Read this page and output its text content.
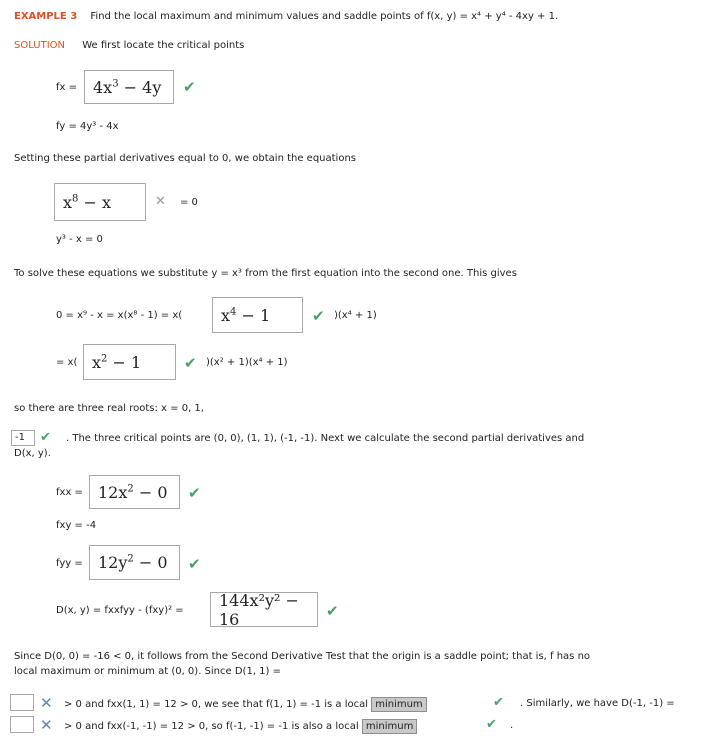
EXAMPLE 3 Find the local maximum and minimum values and saddle points of f(x, y) = x⁴ + y⁴ - 4xy + 1.
SOLUTION We first locate the critical points
fx = $4x^3 - 4y$ ✔
fy = 4y³ - 4x
Setting these partial derivatives equal to 0, we obtain the equations
$x^8 - x$	✕ = 0
y³ - x = 0
To solve these equations we substitute y = x³ from the first equation into the second one. This gives
0 = x⁹ - x = x(x⁸ - 1) = x( $x^4 - 1$	✔ )(x⁴ + 1)
= x( $x^2 - 1$	✔ )(x² + 1)(x⁴ + 1)
so there are three real roots: x = 0, 1,
-1	✔ . The three critical points are (0, 0), (1, 1), (-1, -1). Next we calculate the second partial derivatives and
D(x, y).
fxx = $12x^2 - 0$ ✔
fxy = -4
fyy = $12y^2 - 0$ ✔
D(x, y) = fxxfyy - (fxy)² =
144x²y² − 16	✔
Since D(0, 0) = -16 < 0, it follows from the Second Derivative Test that the origin is a saddle point; that is, f has no
local maximum or minimum at (0, 0). Since D(1, 1) =
✕ > 0 and fxx(1, 1) = 12 > 0, we see that f(1, 1) = -1 is a local minimum	✔ . Similarly, we have D(-1, -1) =
✕ > 0 and fxx(-1, -1) = 12 > 0, so f(-1, -1) = -1 is also a local minimum	✔ .
